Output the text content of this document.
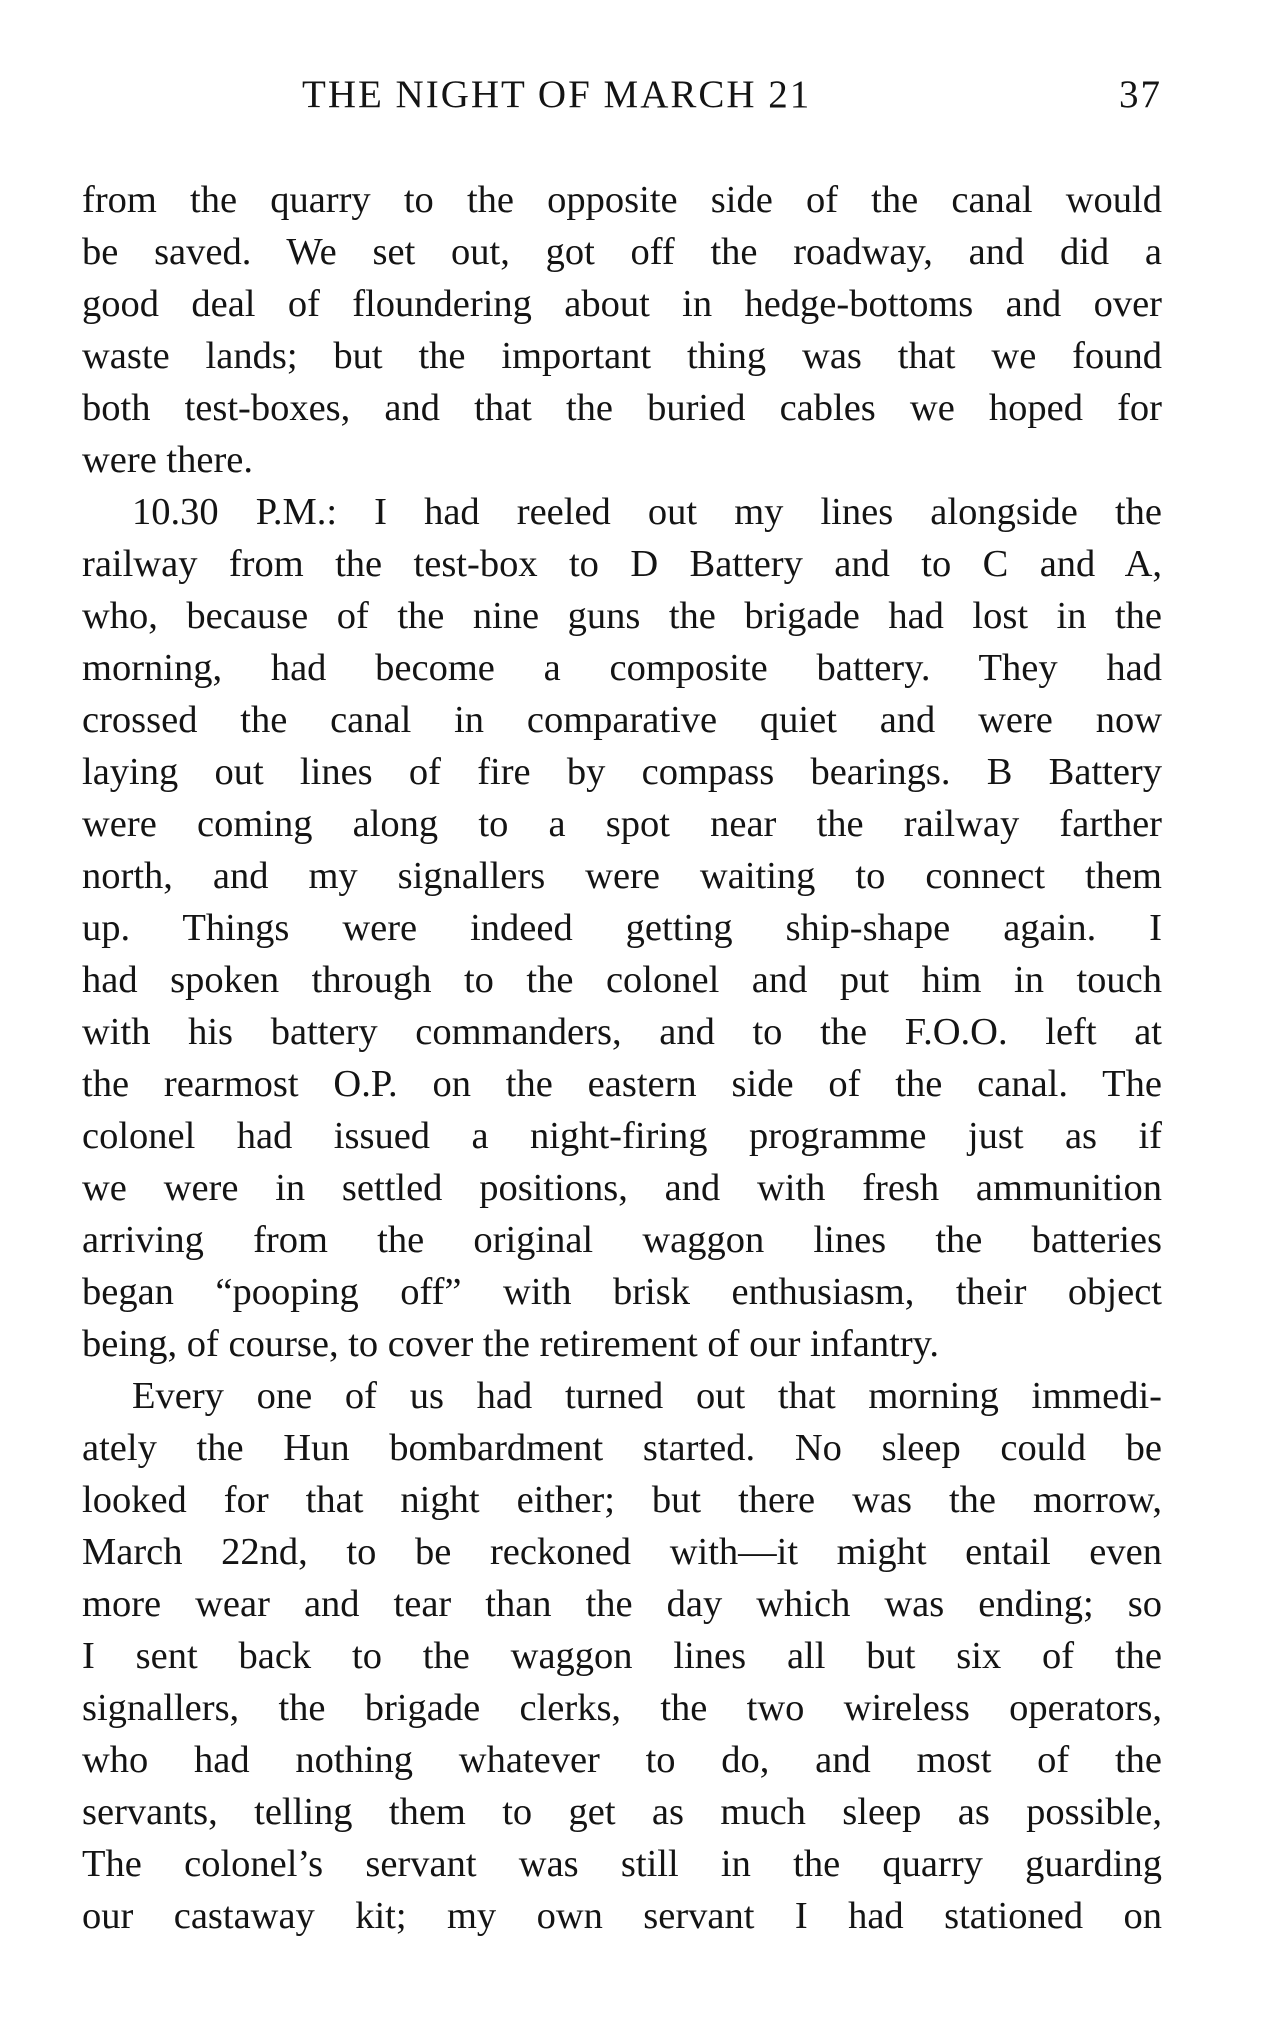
THE NIGHT OF MARCH 21	37
from the quarry to the opposite side of the canal would
be saved. We set out, got off the roadway, and did a
good deal of floundering about in hedge-bottoms and over
waste lands; but the important thing was that we found
both test-boxes, and that the buried cables we hoped for
were there.
10.30 P.M.: I had reeled out my lines alongside the
railway from the test-box to D Battery and to C and A,
who, because of the nine guns the brigade had lost in the
morning, had become a composite battery. They had
crossed the canal in comparative quiet and were now
laying out lines of fire by compass bearings. B Battery
were coming along to a spot near the railway farther
north, and my signallers were waiting to connect them
up. Things were indeed getting ship-shape again. I
had spoken through to the colonel and put him in touch
with his battery commanders, and to the F.O.O. left at
the rearmost O.P. on the eastern side of the canal. The
colonel had issued a night-firing programme just as if
we were in settled positions, and with fresh ammunition
arriving from the original waggon lines the batteries
began “pooping off” with brisk enthusiasm, their object
being, of course, to cover the retirement of our infantry.
Every one of us had turned out that morning immedi-
ately the Hun bombardment started. No sleep could be
looked for that night either; but there was the morrow,
March 22nd, to be reckoned with—it might entail even
more wear and tear than the day which was ending; so
I sent back to the waggon lines all but six of the
signallers, the brigade clerks, the two wireless operators,
who had nothing whatever to do, and most of the
servants, telling them to get as much sleep as possible,
The colonel’s servant was still in the quarry guarding
our castaway kit; my own servant I had stationed on
